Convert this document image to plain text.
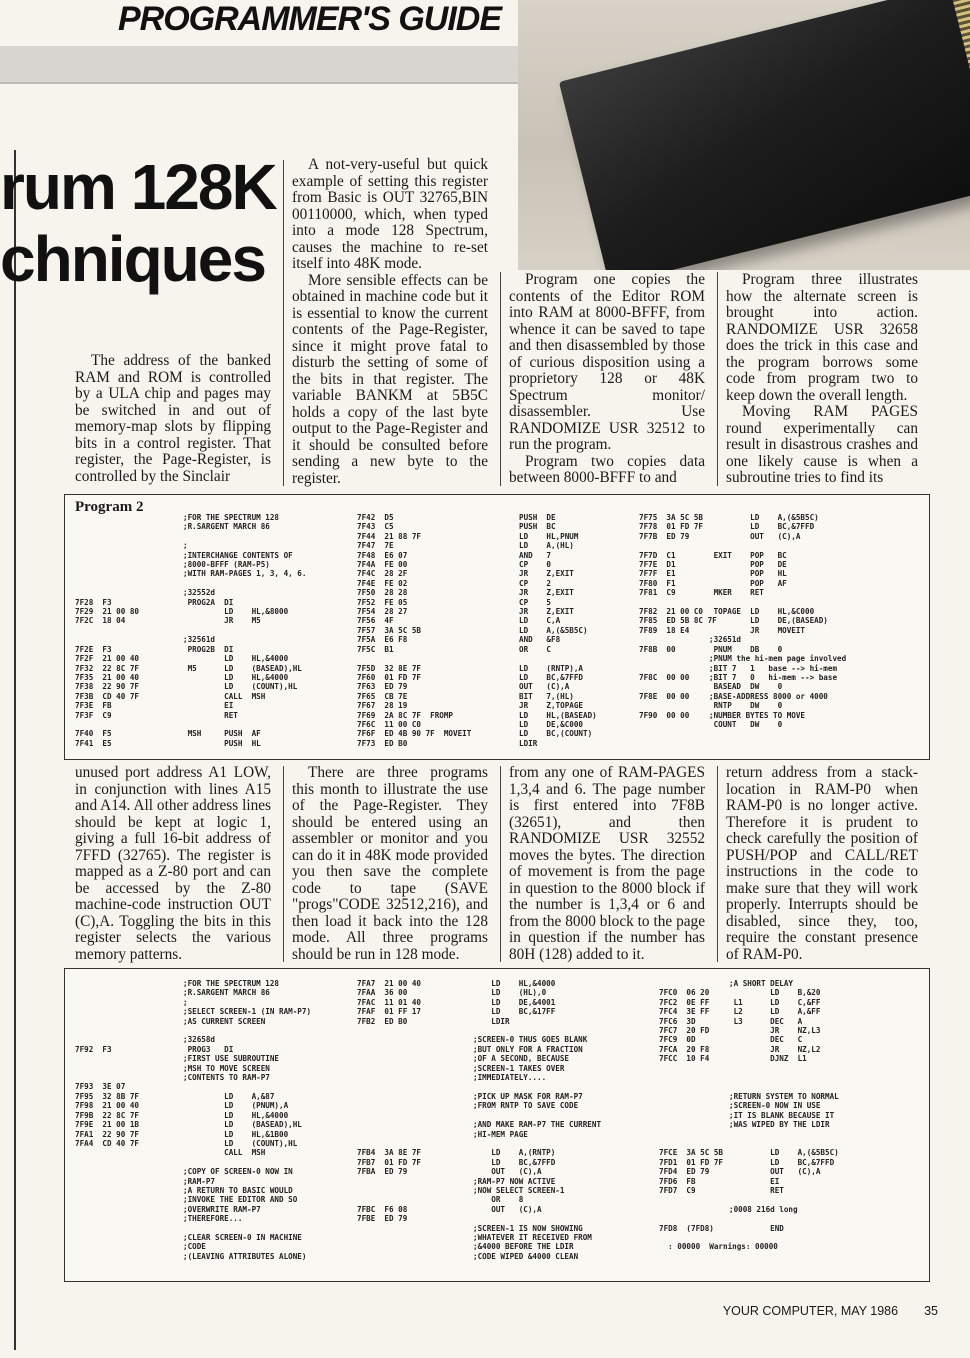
PROGRAMMER'S GUIDE
rum 128K
chniques

The address of the banked RAM and ROM is controlled by a ULA chip and pages may be switched in and out of memory-map slots by flipping bits in a control register. That register, the Page-Register, is controlled by the Sinclair

A not-very-useful but quick example of setting this register from Basic is OUT 32765,BIN 00110000, which, when typed into a mode 128 Spectrum, causes the machine to re-set itself into 48K mode.

More sensible effects can be obtained in machine code but it is essential to know the current contents of the Page-Register, since it might prove fatal to disturb the setting of some of the bits in that register. The variable BANKM at 5B5C holds a copy of the last byte output to the Page-Register and it should be consulted before sending a new byte to the register.

Program one copies the contents of the Editor ROM into RAM at 8000-BFFF, from whence it can be saved to tape and then disassembled by those of curious disposition using a proprietory 128 or 48K Spectrum monitor/ disassembler. Use RANDOMIZE USR 32512 to run the program.

Program two copies data between 8000-BFFF to and

Program three illustrates how the alternate screen is brought into action. RANDOMIZE USR 32658 does the trick in this case and the program borrows some code from program two to keep down the overall length.

Moving RAM PAGES round experimentally can result in disastrous crashes and one likely cause is when a subroutine tries to find its

Program 2

7F28  F3
7F29  21 00 80
7F2C  18 04

7F2E  F3
7F2F  21 00 40
7F32  22 8C 7F
7F35  21 00 40
7F38  22 90 7F
7F3B  CD 40 7F
7F3E  FB
7F3F  C9

7F40  F5
7F41  E5
;FOR THE SPECTRUM 128
;R.SARGENT MARCH 86

;
;INTERCHANGE CONTENTS OF
;8000-BFFF (RAM-P5)
;WITH RAM-PAGES 1, 3, 4, 6.

;32552d
PROG2A  DI
LD    HL,&8000
JR    M5

;32561d
PROG2B  DI
LD    HL,&4000
M5      LD    (BASEAD),HL
LD    HL,&4000
LD    (COUNT),HL
CALL  MSH
EI
RET

MSH     PUSH  AF
PUSH  HL
7F42  D5
7F43  C5
7F44  21 88 7F
7F47  7E
7F48  E6 07
7F4A  FE 00
7F4C  28 2F
7F4E  FE 02
7F50  28 28
7F52  FE 05
7F54  28 27
7F56  4F
7F57  3A 5C 5B
7F5A  E6 F8
7F5C  B1

7F5D  32 8E 7F
7F60  01 FD 7F
7F63  ED 79
7F65  CB 7E
7F67  28 19
7F69  2A 8C 7F  FROMP
7F6C  11 00 C0
7F6F  ED 4B 90 7F  MOVEIT
7F73  ED B0
PUSH  DE
PUSH  BC
LD    HL,PNUM
LD    A,(HL)
AND   7
CP    0
JR    Z,EXIT
CP    2
JR    Z,EXIT
CP    5
JR    Z,EXIT
LD    C,A
LD    A,(&5B5C)
AND   &F8
OR    C

LD    (RNTP),A
LD    BC,&7FFD
OUT   (C),A
BIT   7,(HL)
JR    Z,TOPAGE
LD    HL,(BASEAD)
LD    DE,&C000
LD    BC,(COUNT)
LDIR
7F75  3A 5C 5B
7F78  01 FD 7F
7F7B  ED 79

7F7D  C1
7F7E  D1
7F7F  E1
7F80  F1
7F81  C9

7F82  21 00 C0
7F85  ED 5B 8C 7F
7F89  18 E4

7F8B  00

7F8C  00 00

7F8E  00 00

7F90  00 00
LD    A,(&5B5C)
LD    BC,&7FFD
OUT   (C),A

EXIT    POP   BC
POP   DE
POP   HL
POP   AF
MKER    RET

TOPAGE  LD    HL,&C000
LD    DE,(BASEAD)
JR    MOVEIT
;32651d
PNUM    DB    0
;PNUM the hi-mem page involved
;BIT 7   1   base --> hi-mem
;BIT 7   0   hi-mem --> base
BASEAD  DW    0
;BASE-ADDRESS 8000 or 4000
RNTP    DW    0
;NUMBER BYTES TO MOVE
COUNT   DW    0

unused port address A1 LOW, in conjunction with lines A15 and A14. All other address lines should be kept at logic 1, giving a full 16-bit address of 7FFD (32765). The register is mapped as a Z-80 port and can be accessed by the Z-80 machine-code instruction OUT (C),A. Toggling the bits in this register selects the various memory patterns.

There are three programs this month to illustrate the use of the Page-Register. They should be entered using an assembler or monitor and you can do it in 48K mode provided you then save the complete code to tape (SAVE "progs"CODE 32512,216), and then load it back into the 128 mode. All three programs should be run in 128 mode.

from any one of RAM-PAGES 1,3,4 and 6. The page number is first entered into 7F8B (32651), and then RANDOMIZE USR 32552 moves the bytes. The direction of movement is from the page in question to the 8000 block if the number is 1,3,4 or 6 and from the 8000 block to the page in question if the number has 80H (128) added to it.

return address from a stack-location in RAM-P0 when RAM-P0 is no longer active. Therefore it is prudent to check carefully the position of PUSH/POP and CALL/RET instructions in the code to make sure that they will work properly. Interrupts should be disabled, since they, too, require the constant presence of RAM-P0.

7F92  F3

7F93  3E 07
7F95  32 8B 7F
7F98  21 00 40
7F9B  22 8C 7F
7F9E  21 00 1B
7FA1  22 90 7F
7FA4  CD 40 7F
;FOR THE SPECTRUM 128
;R.SARGENT MARCH 86
;
;SELECT SCREEN-1 (IN RAM-P7)
;AS CURRENT SCREEN

;32658d
PROG3   DI
;FIRST USE SUBROUTINE
;MSH TO MOVE SCREEN
;CONTENTS TO RAM-P7

LD    A,&87
LD    (PNUM),A
LD    HL,&4000
LD    (BASEAD),HL
LD    HL,&1B00
LD    (COUNT),HL
CALL  MSH

;COPY OF SCREEN-0 NOW IN
;RAM-P7
;A RETURN TO BASIC WOULD
;INVOKE THE EDITOR AND SO
;OVERWRITE RAM-P7
;THEREFORE...

;CLEAR SCREEN-0 IN MACHINE
;CODE
;(LEAVING ATTRIBUTES ALONE)
7FA7  21 00 40
7FAA  36 00
7FAC  11 01 40
7FAF  01 FF 17
7FB2  ED B0

7FB4  3A 8E 7F
7FB7  01 FD 7F
7FBA  ED 79

7FBC  F6 08
7FBE  ED 79
LD    HL,&4000
LD    (HL),0
LD    DE,&4001
LD    BC,&17FF
LDIR

;SCREEN-0 THUS GOES BLANK
;BUT ONLY FOR A FRACTION
;OF A SECOND, BECAUSE
;SCREEN-1 TAKES OVER
;IMMEDIATELY....

;PICK UP MASK FOR RAM-P7
;FROM RNTP TO SAVE CODE

;AND MAKE RAM-P7 THE CURRENT
;HI-MEM PAGE

LD    A,(RNTP)
LD    BC,&7FFD
OUT   (C),A
;RAM-P7 NOW ACTIVE
;NOW SELECT SCREEN-1
OR    8
OUT   (C),A

;SCREEN-1 IS NOW SHOWING
;WHATEVER IT RECEIVED FROM
;&4000 BEFORE THE LDIR
;CODE WIPED &4000 CLEAN

7FC0  06 20
7FC2  0E FF
7FC4  3E FF
7FC6  3D
7FC7  20 FD
7FC9  0D
7FCA  20 F8
7FCC  10 F4

7FCE  3A 5C 5B
7FD1  01 FD 7F
7FD4  ED 79
7FD6  FB
7FD7  C9

7FD8  (7FD8)

: 00000  Warnings: 00000
;A SHORT DELAY
LD    B,&20
L1      LD    C,&FF
L2      LD    A,&FF
L3      DEC   A
JR    NZ,L3
DEC   C
JR    NZ,L2
DJNZ  L1

;RETURN SYSTEM TO NORMAL
;SCREEN-0 NOW IN USE
;IT IS BLANK BECAUSE IT
;WAS WIPED BY THE LDIR

LD    A,(&5B5C)
LD    BC,&7FFD
OUT   (C),A
EI
RET

;0008 216d long

END
YOUR COMPUTER, MAY 1986 35
